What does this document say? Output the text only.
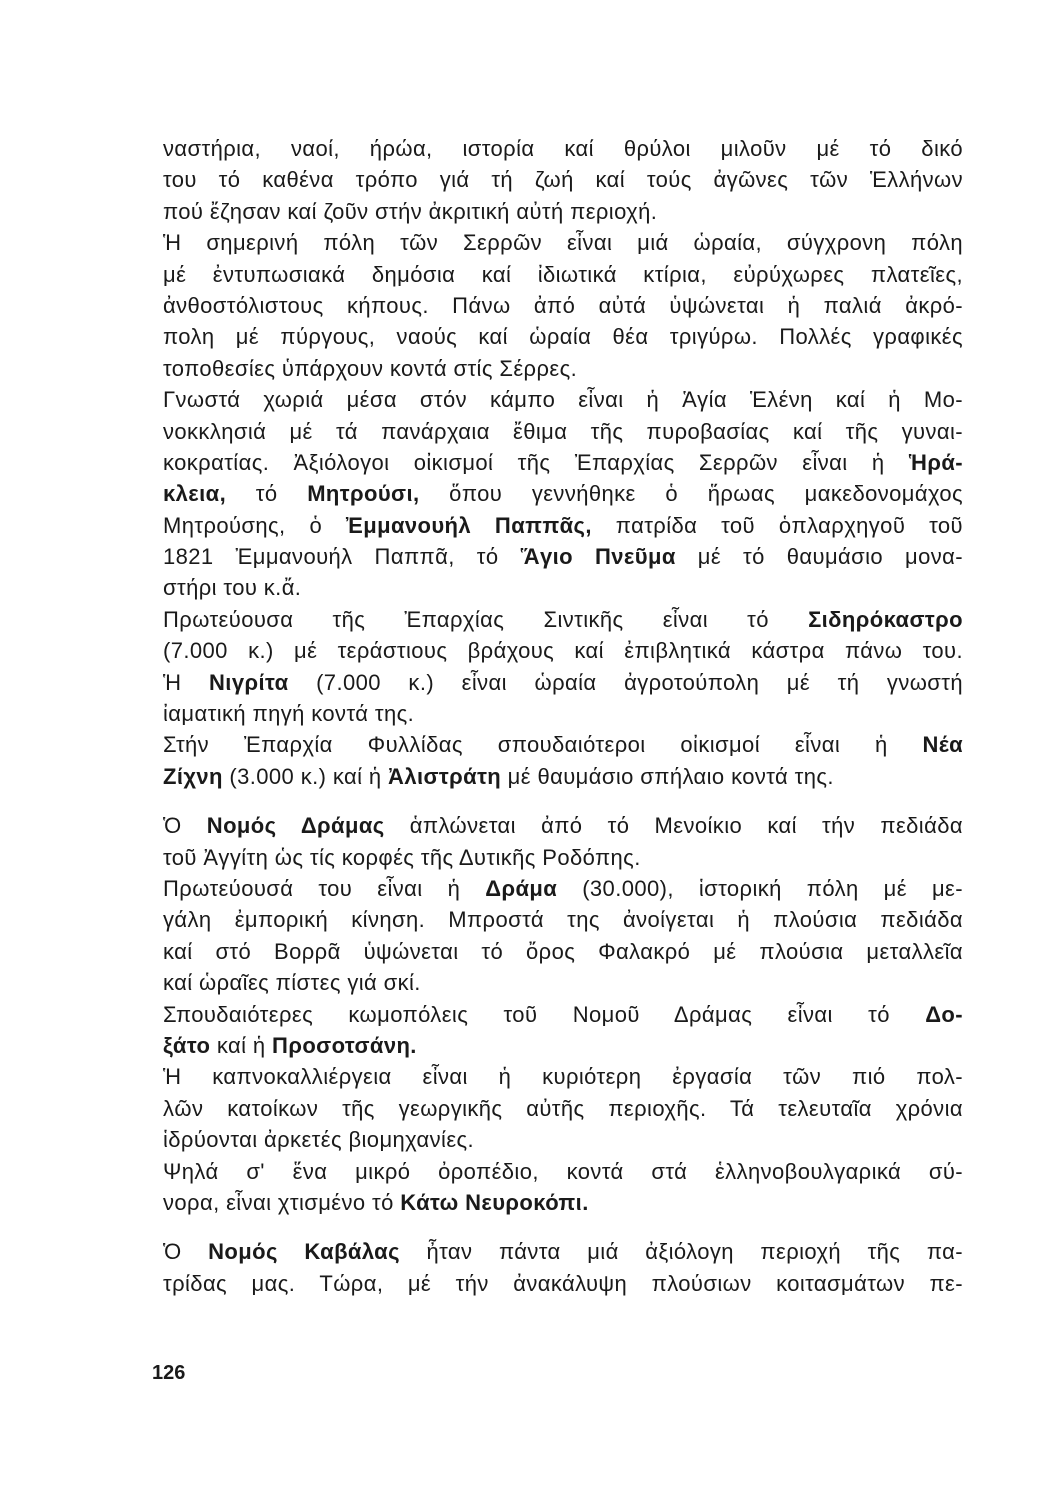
ναστήρια, ναοί, ήρώα, ιστορία καί θρύλοι μιλοῦν μέ τό δικό
του τό καθένα τρόπο γιά τή ζωή καί τούς ἀγῶνες τῶν Ἑλλήνων
πού ἔζησαν καί ζοῦν στήν ἀκριτική αὐτή περιοχή.
Ἡ σημερινή πόλη τῶν Σερρῶν εἶναι μιά ὡραία, σύγχρονη πόλη
μέ ἐντυπωσιακά δημόσια καί ἰδιωτικά κτίρια, εὐρύχωρες πλατεῖες,
ἀνθοστόλιστους κήπους. Πάνω ἀπό αὐτά ὑψώνεται ἡ παλιά ἀκρό-
πολη μέ πύργους, ναούς καί ὡραία θέα τριγύρω. Πολλές γραφικές
τοποθεσίες ὑπάρχουν κοντά στίς Σέρρες.
Γνωστά χωριά μέσα στόν κάμπο εἶναι ἡ Ἁγία Ἑλένη καί ἡ Μο-
νοκκλησιά μέ τά πανάρχαια ἔθιμα τῆς πυροβασίας καί τῆς γυναι-
κοκρατίας. Ἀξιόλογοι οἰκισμοί τῆς Ἐπαρχίας Σερρῶν εἶναι ἡ Ἡρά-
κλεια, τό Μητρούσι, ὅπου γεννήθηκε ὁ ἥρωας μακεδονομάχος
Μητρούσης, ὁ Ἐμμανουήλ Παππᾶς, πατρίδα τοῦ ὁπλαρχηγοῦ τοῦ
1821 Ἐμμανουήλ Παππᾶ, τό Ἅγιο Πνεῦμα μέ τό θαυμάσιο μονα-
στήρι του κ.ἄ.
Πρωτεύουσα τῆς Ἐπαρχίας Σιντικῆς εἶναι τό Σιδηρόκαστρο
(7.000 κ.) μέ τεράστιους βράχους καί ἐπιβλητικά κάστρα πάνω του.
Ἡ Νιγρίτα (7.000 κ.) εἶναι ὡραία ἀγροτούπολη μέ τή γνωστή
ἰαματική πηγή κοντά της.
Στήν Ἐπαρχία Φυλλίδας σπουδαιότεροι οἰκισμοί εἶναι ἡ Νέα
Ζίχνη (3.000 κ.) καί ἡ Ἀλιστράτη μέ θαυμάσιο σπήλαιο κοντά της.
Ὁ Νομός Δράμας ἁπλώνεται ἀπό τό Μενοίκιο καί τήν πεδιάδα
τοῦ Ἀγγίτη ὡς τίς κορφές τῆς Δυτικῆς Ροδόπης.
Πρωτεύουσά του εἶναι ἡ Δράμα (30.000), ἱστορική πόλη μέ με-
γάλη ἐμπορική κίνηση. Μπροστά της ἀνοίγεται ἡ πλούσια πεδιάδα
καί στό Βορρᾶ ὑψώνεται τό ὄρος Φαλακρό μέ πλούσια μεταλλεῖα
καί ὡραῖες πίστες γιά σκί.
Σπουδαιότερες κωμοπόλεις τοῦ Νομοῦ Δράμας εἶναι τό Δο-
ξάτο καί ἡ Προσοτσάνη.
Ἡ καπνοκαλλιέργεια εἶναι ἡ κυριότερη ἐργασία τῶν πιό πολ-
λῶν κατοίκων τῆς γεωργικῆς αὐτῆς περιοχῆς. Τά τελευταῖα χρόνια
ἱδρύονται ἀρκετές βιομηχανίες.
Ψηλά σ' ἕνα μικρό ὀροπέδιο, κοντά στά ἑλληνοβουλγαρικά σύ-
νορα, εἶναι χτισμένο τό Κάτω Νευροκόπι.
Ὁ Νομός Καβάλας ἦταν πάντα μιά ἀξιόλογη περιοχή τῆς πα-
τρίδας μας. Τώρα, μέ τήν ἀνακάλυψη πλούσιων κοιτασμάτων πε-
126
